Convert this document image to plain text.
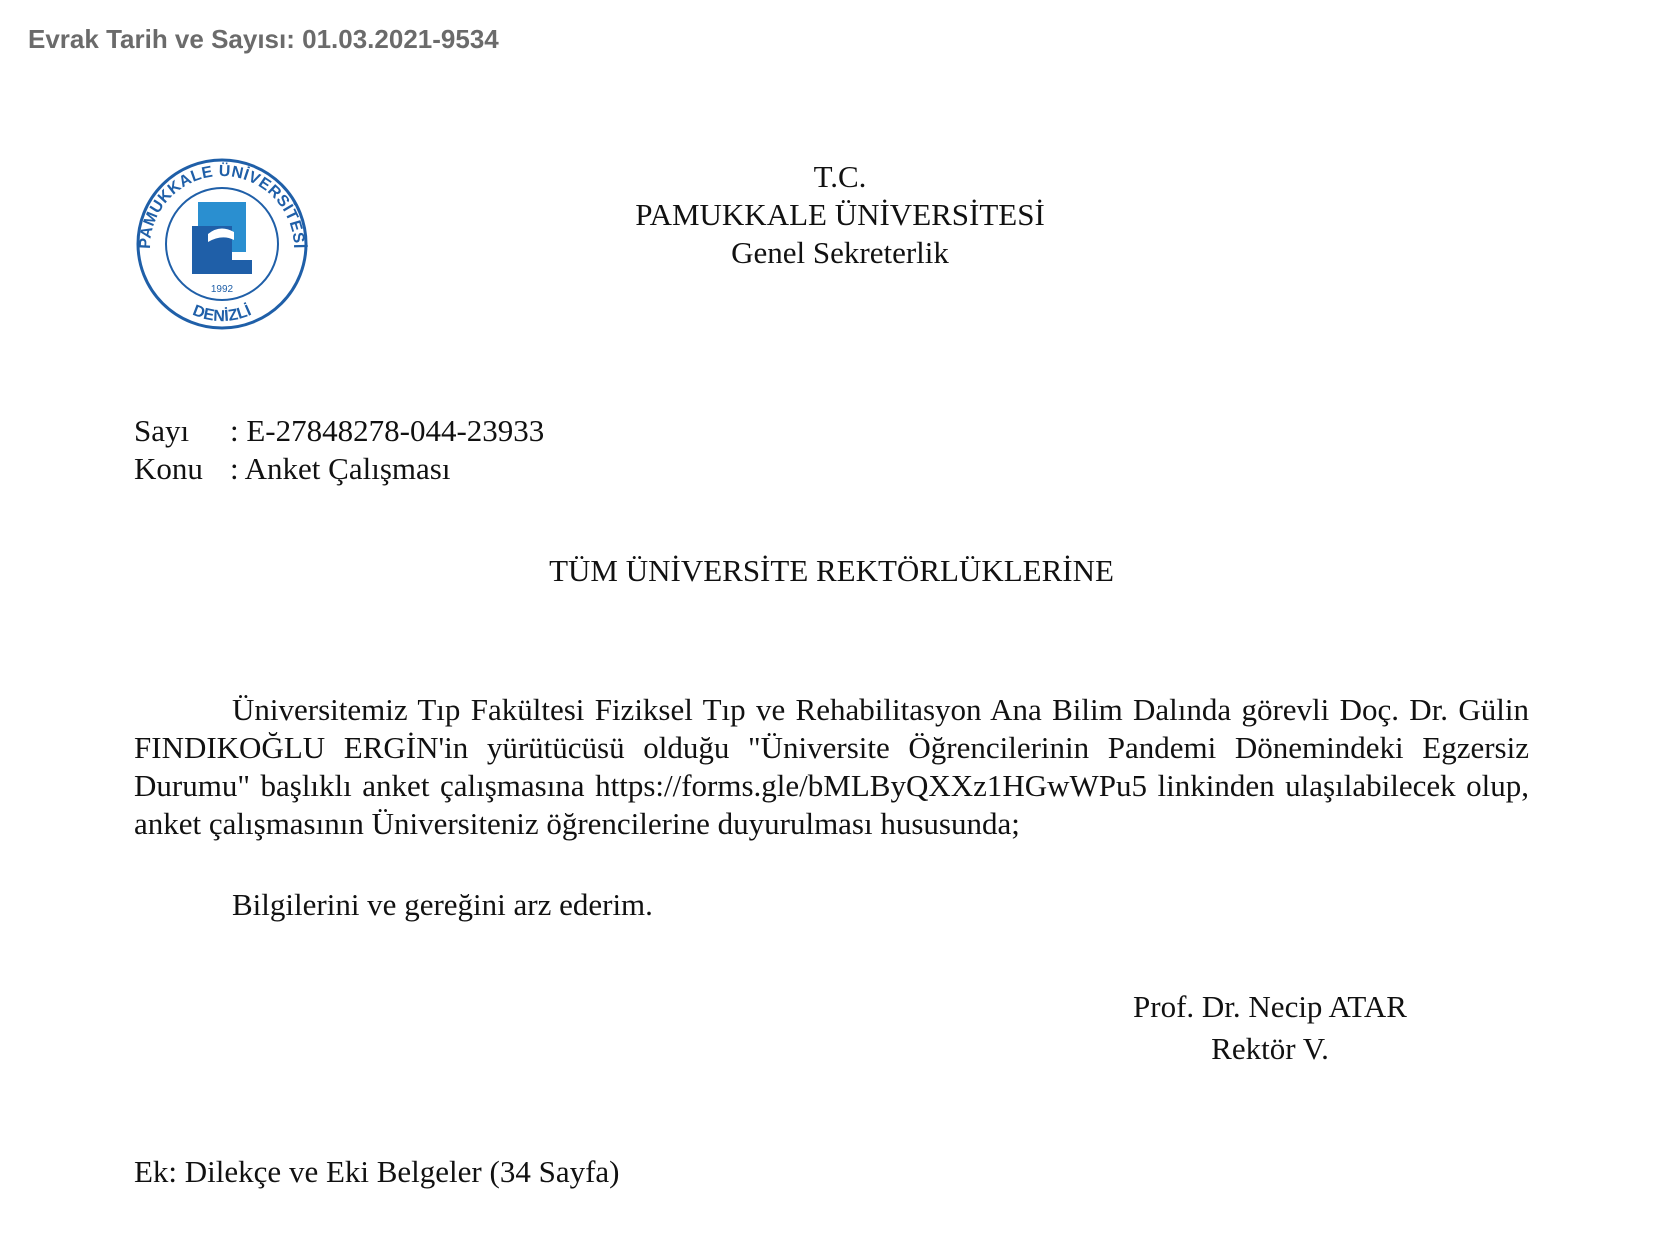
Evrak Tarih ve Sayısı: 01.03.2021-9534
PAMUKKALE ÜNİVERSİTESİ
DENİZLİ
1992
T.C.
PAMUKKALE ÜNİVERSİTESİ
Genel Sekreterlik
Sayı	: E-27848278-044-23933
Konu : Anket Çalışması
TÜM ÜNİVERSİTE REKTÖRLÜKLERİNE
Üniversitemiz Tıp Fakültesi Fiziksel Tıp ve Rehabilitasyon Ana Bilim Dalında görevli Doç. Dr. Gülin FINDIKOĞLU ERGİN'in yürütücüsü olduğu "Üniversite Öğrencilerinin Pandemi Dönemindeki Egzersiz Durumu" başlıklı anket çalışmasına https://forms.gle/bMLByQXXz1HGwWPu5 linkinden ulaşılabilecek olup, anket çalışmasının Üniversiteniz öğrencilerine duyurulması hususunda;
Bilgilerini ve gereğini arz ederim.
Prof. Dr. Necip ATAR
Rektör V.
Ek: Dilekçe ve Eki Belgeler (34 Sayfa)
